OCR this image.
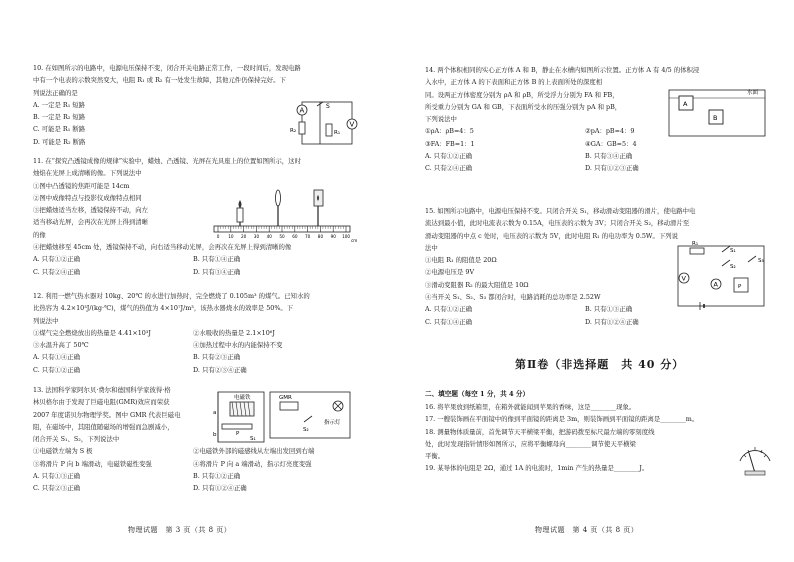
10. 在如图所示的电路中，电源电压保持不变，闭合开关电路正常工作，一段时间后，发现电路

中有一个电表的示数突然变大，电阻 R₁ 或 R₂ 有一处发生故障，其他元件仍保持完好。下

列说法正确的是

A. 一定是 R₁ 短路

B. 一定是 R₂ 短路

C. 可能是 R₁ 断路

D. 可能是 R₂ 断路

A
V
S
R₂	R₁

11. 在“探究凸透镜成像的规律”实验中，蜡烛、凸透镜、光屏在光具座上的位置如图所示，这时

烛焰在光屏上成清晰的像。下列说法中

①图中凸透镜的焦距可能是 14cm

②图中成像特点与投影仪成像特点相同

③把蜡烛适当左移，透镜保持不动，向左

适当移动光屏，会再次在光屏上得到清晰

的像

④把蜡烛移至 45cm 处，透镜保持不动，向右适当移动光屏，会再次在光屏上得到清晰的像

A. 只有①②正确	B. 只有①④正确
C. 只有②④正确	D. 只有③④正确
0 10 20 30 40 50 60 70 80 90 100
cm

12. 利用一燃气热水器对 10kg、20℃ 的水进行加热时，完全燃烧了 0.105m³ 的煤气。已知水的

比热容为 4.2×10³J/(kg·℃)，煤气的热值为 4×10⁷J/m³，该热水器烧水的效率是 50%。下

列说法中

①煤气完全燃烧放出的热量是 4.41×10³J	②水吸收的热量是 2.1×10⁶J
③水温升高了 50℃	④加热过程中水的内能保持不变
A. 只有①④正确	B. 只有②③正确
C. 只有①②正确	D. 只有②③④正确

13. 法国科学家阿尔贝·费尔和德国科学家彼得·格

林贝格尔由于发现了巨磁电阻(GMR)效应而荣获

2007 年度诺贝尔物理学奖。图中 GMR 代表巨磁电

阻，在磁场中，其阻值随磁场的增强而急剧减小，

闭合开关 S₁、S₂，下列说法中

①电磁铁左端为 S 极	②电磁铁外部的磁感线从左端出发回到右端
③将滑片 P 向 b 端滑动，电磁铁磁性变强	④将滑片 P 向 a 端滑动，指示灯亮度变强
A. 只有①③正确	B. 只有①②正确
C. 只有②③正确	D. 只有①②④正确
电磁铁
a
b	P
S₁
GMR
S₂
指示灯
物理试题　第 3 页（共 8 页）

14. 两个体积相同的实心正方体 A 和 B，静止在水槽内如图所示位置。正方体 A 有 4/5 的体积浸

入水中，正方体 A 的下表面和正方体 B 的上表面所处的深度相

同。设两正方体密度分别为 ρA 和 ρB，所受浮力分别为 FA 和 FB，

所受重力分别为 GA 和 GB，下表面所受水的压强分别为 pA 和 pB，

下列说法中

①ρA：ρB=4：5	②pA：pB=4：9
③FA：FB=1：1	④GA：GB=5：4
A. 只有①②正确	B. 只有③④正确
C. 只有②④正确	D. 只有①②③正确
水面
A
B

15. 如图所示电路中，电源电压保持不变。只闭合开关 S₁，移动滑动变阻器的滑片，使电路中电

流达到最小值，此时电流表示数为 0.15A，电压表的示数为 3V；只闭合开关 S₂，移动滑片至

滑动变阻器的中点 c 处时，电压表的示数为 5V，此时电阻 R₁ 的电功率为 0.5W。下列说

法中

①电阻 R₁ 的阻值是 20Ω

②电源电压是 9V

③滑动变阻器 R₂ 的最大阻值是 10Ω

④当开关 S₁、S₂、S₃ 都闭合时，电路消耗的总功率是 2.52W

A. 只有①②正确	B. 只有①③正确
C. 只有①④正确	D. 只有①②④正确
R₁
S₁
S₂
S₃
V
A	P
第Ⅱ卷（非选择题　共 40 分）
二、填空题（每空 1 分，共 4 分）

16. 将苹果放到纸箱里，在箱外就能闻到苹果的香味，这是________现象。

17. 一艘装饰画在平面镜中的像到平面镜的距离是 3m，则装饰画到平面镜的距离是________m。

18. 测量物体质量前，首先调节天平横梁平衡，把游码拨至标尺最左端的零刻度线

处，此时发现指针情形如图所示，应将平衡螺母向________调节使天平横梁

平衡。

19. 某导体的电阻是 2Ω，通过 1A 的电流时，1min 产生的热量是________J。

物理试题　第 4 页（共 8 页）
